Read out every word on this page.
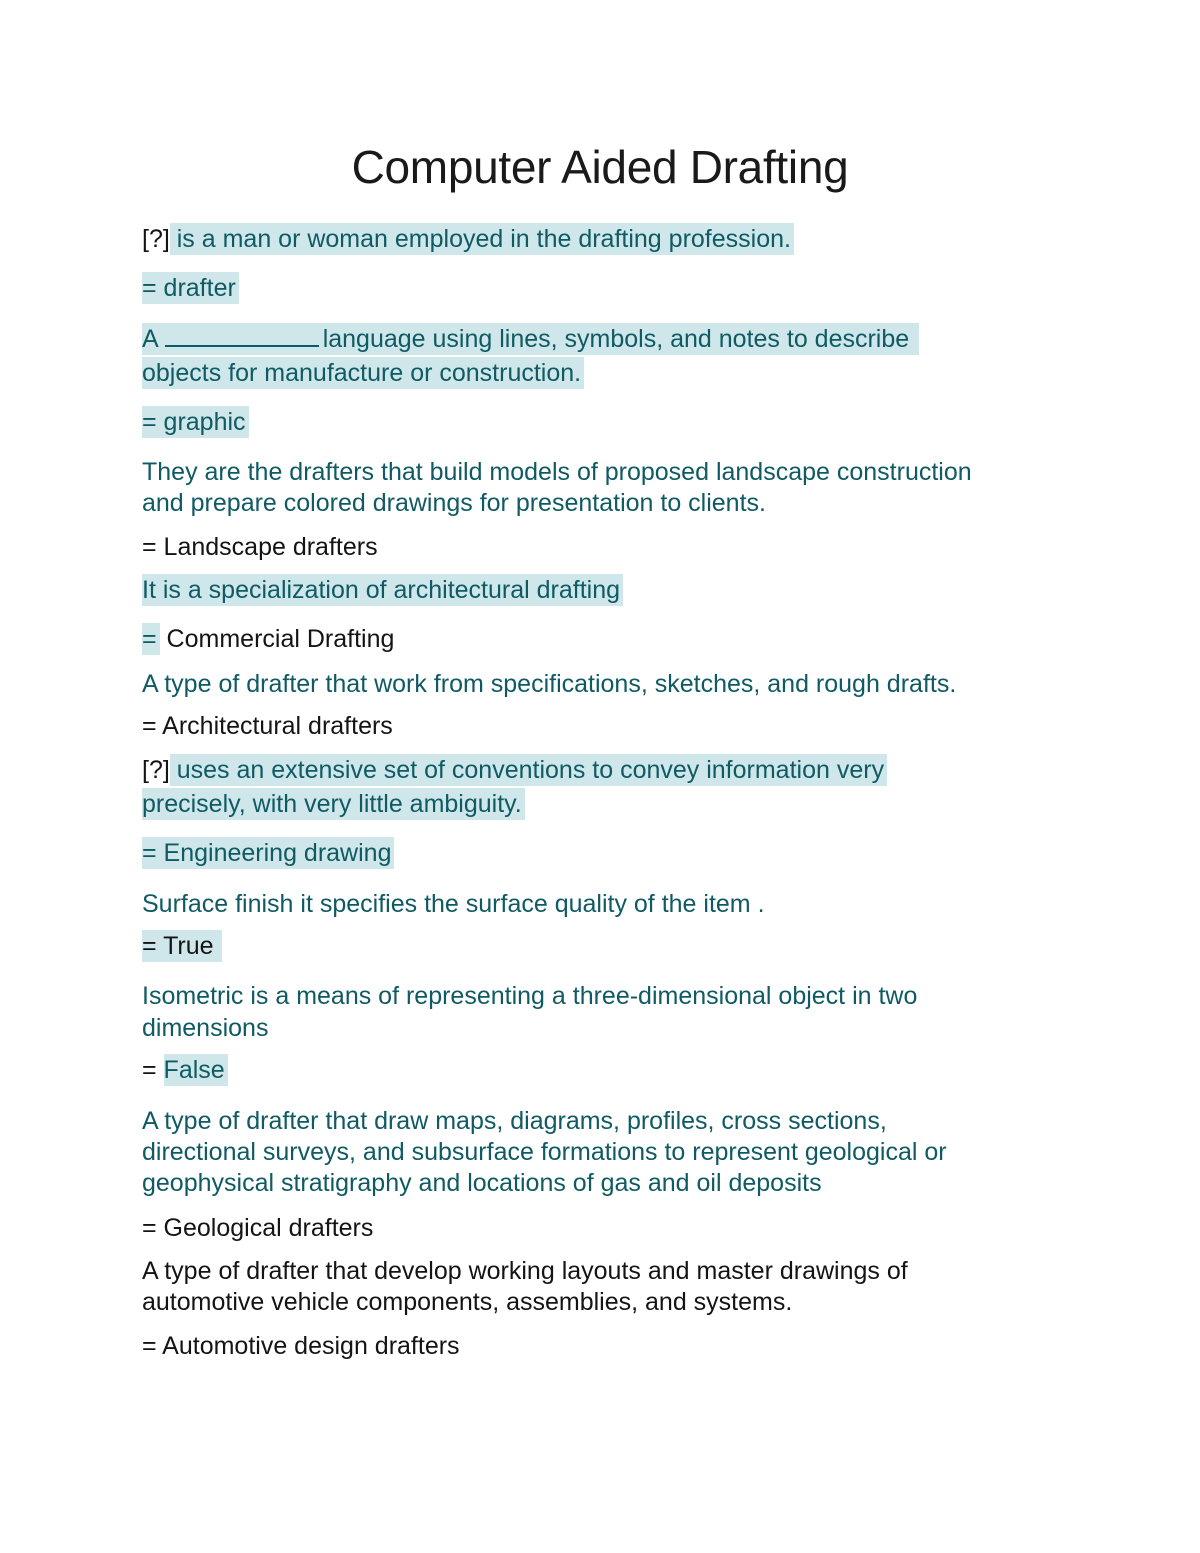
Computer Aided Drafting
[?] is a man or woman employed in the drafting profession.
= drafter
A	language using lines, symbols, and notes to describe
objects for manufacture or construction.
= graphic
They are the drafters that build models of proposed landscape construction
and prepare colored drawings for presentation to clients.
= Landscape drafters
It is a specialization of architectural drafting
= Commercial Drafting
A type of drafter that work from specifications, sketches, and rough drafts.
= Architectural drafters
[?] uses an extensive set of conventions to convey information very
precisely, with very little ambiguity.
= Engineering drawing
Surface finish it specifies the surface quality of the item .
= True
Isometric is a means of representing a three-dimensional object in two
dimensions
= False
A type of drafter that draw maps, diagrams, profiles, cross sections,
directional surveys, and subsurface formations to represent geological or
geophysical stratigraphy and locations of gas and oil deposits
= Geological drafters
A type of drafter that develop working layouts and master drawings of
automotive vehicle components, assemblies, and systems.
= Automotive design drafters
